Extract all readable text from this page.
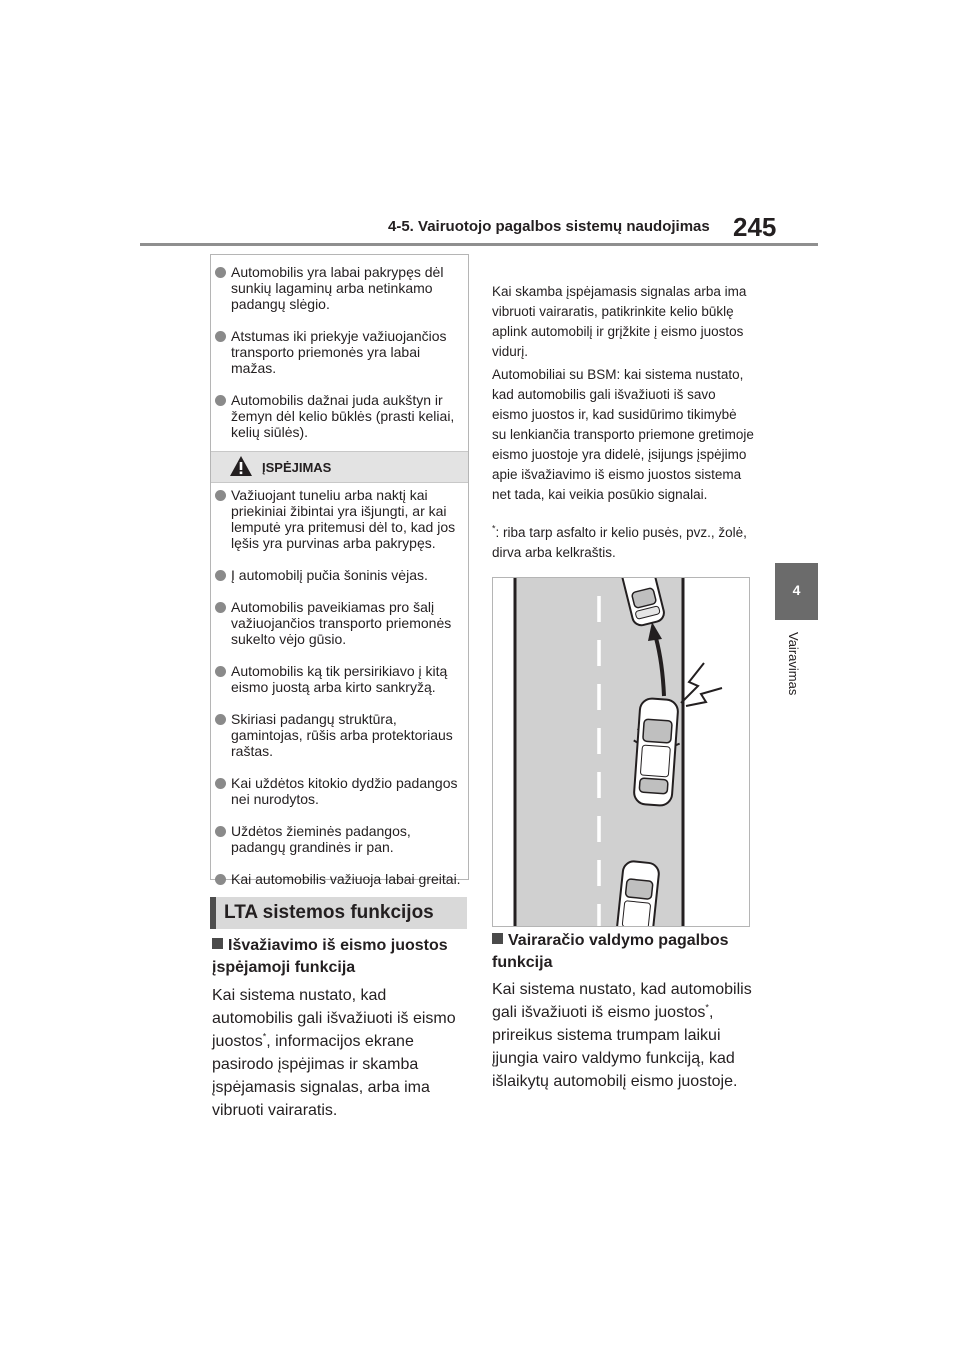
4-5. Vairuotojo pagalbos sistemų naudojimas 245
4
Vairavimas
Automobilis yra labai pakrypęs dėl sunkių lagaminų arba netinkamo padangų slėgio.
Atstumas iki priekyje važiuojančios transporto priemonės yra labai mažas.
Automobilis dažnai juda aukštyn ir žemyn dėl kelio būklės (prasti keliai, kelių siūlės).
ĮSPĖJIMAS
Važiuojant tuneliu arba naktį kai priekiniai žibintai yra išjungti, ar kai lemputė yra pritemusi dėl to, kad jos lęšis yra purvinas arba pakrypęs.
Į automobilį pučia šoninis vėjas.
Automobilis paveikiamas pro šalį važiuojančios transporto priemonės sukelto vėjo gūsio.
Automobilis ką tik persirikiavo į kitą eismo juostą arba kirto sankryžą.
Skiriasi padangų struktūra, gamintojas, rūšis arba protektoriaus raštas.
Kai uždėtos kitokio dydžio padangos nei nurodytos.
Uždėtos žieminės padangos, padangų grandinės ir pan.
Kai automobilis važiuoja labai greitai.
LTA sistemos funkcijos
Išvažiavimo iš eismo juostos įspėjamoji funkcija
Kai sistema nustato, kad automobilis gali išvažiuoti iš eismo juostos*, informacijos ekrane pasirodo įspėjimas ir skamba įspėjamasis signalas, arba ima vibruoti vairaratis.
Kai skamba įspėjamasis signalas arba ima vibruoti vairaratis, patikrinkite kelio būklę aplink automobilį ir grįžkite į eismo juostos vidurį.
Automobiliai su BSM: kai sistema nustato, kad automobilis gali išvažiuoti iš savo eismo juostos ir, kad susidūrimo tikimybė su lenkiančia transporto priemone gretimoje eismo juostoje yra didelė, įsijungs įspėjimo apie išvažiavimo iš eismo juostos sistema net tada, kai veikia posūkio signalai.
*: riba tarp asfalto ir kelio pusės, pvz., žolė, dirva arba kelkraštis.
Vairaračio valdymo pagalbos funkcija
Kai sistema nustato, kad automobilis gali išvažiuoti iš eismo juostos*, prireikus sistema trumpam laikui įjungia vairo valdymo funkciją, kad išlaikytų automobilį eismo juostoje.
